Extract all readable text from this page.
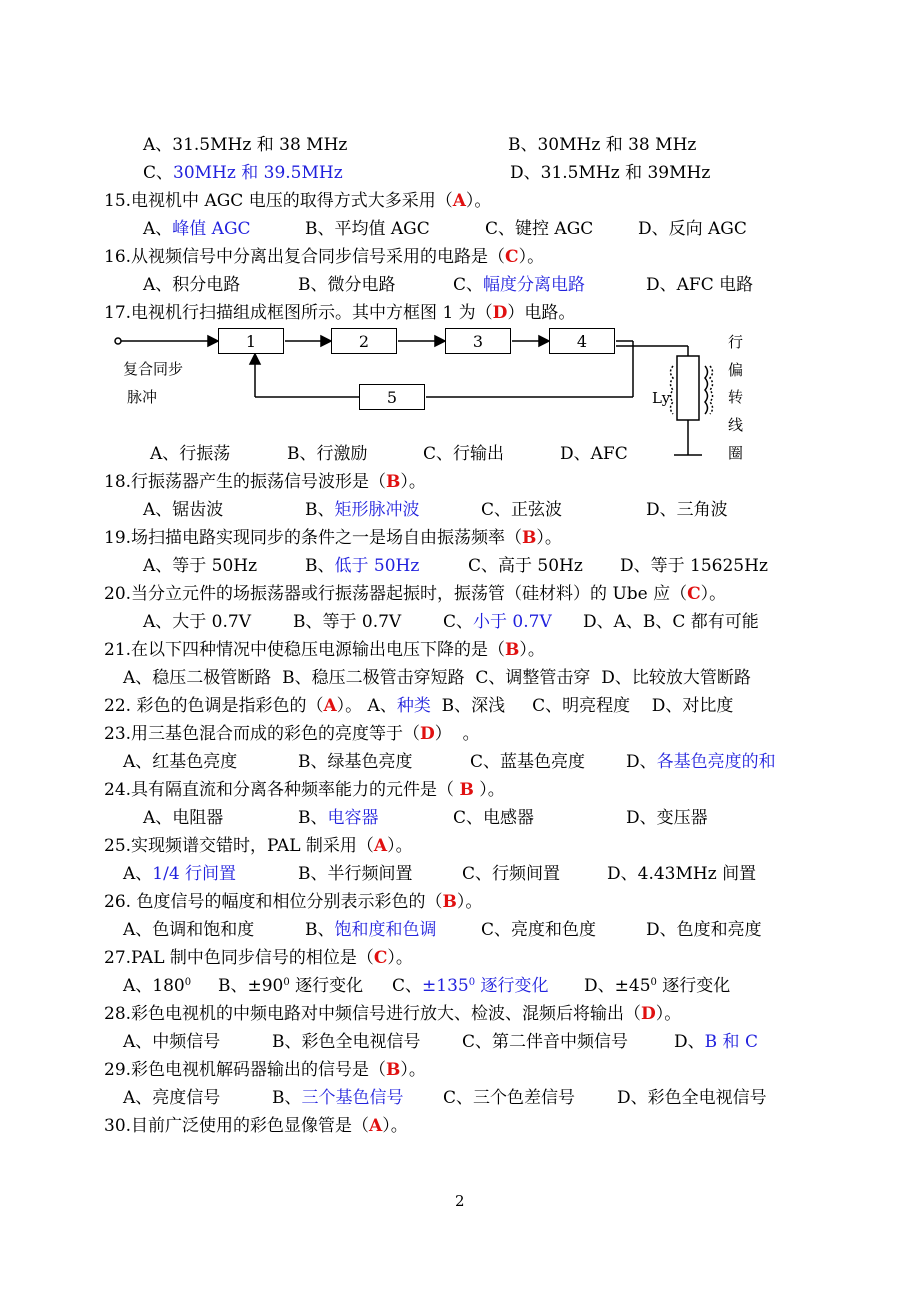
A、31.5MHz 和 38 MHz	B、30MHz 和 38 MHz
C、30MHz 和 39.5MHz	D、31.5MHz 和 39MHz
15.电视机中 AGC 电压的取得方式大多采用（A）。
A、峰值 AGC	B、平均值 AGC	C、键控 AGC	D、反向 AGC
16.从视频信号中分离出复合同步信号采用的电路是（C）。
A、积分电路	B、微分电路	C、幅度分离电路	D、AFC 电路
17.电视机行扫描组成框图所示。其中方框图 1 为（D）电路。
1	2	3	4
5
复合同步
脉冲	Ly
行
偏
转
线
圈
A、行振荡	B、行激励	C、行输出	D、AFC
18.行振荡器产生的振荡信号波形是（B）。
A、锯齿波	B、矩形脉冲波	C、正弦波	D、三角波
19.场扫描电路实现同步的条件之一是场自由振荡频率（B）。
A、等于 50Hz	B、低于 50Hz	C、高于 50Hz D、等于 15625Hz
20.当分立元件的场振荡器或行振荡器起振时，振荡管（硅材料）的 Ube 应（C）。
A、大于 0.7V B、等于 0.7V C、小于 0.7V D、A、B、C 都有可能
21.在以下四种情况中使稳压电源输出电压下降的是（B）。
A、稳压二极管断路  B、稳压二极管击穿短路  C、调整管击穿  D、比较放大管断路
22. 彩色的色调是指彩色的（A）。 A、种类  B、深浅     C、明亮程度    D、对比度
23.用三基色混合而成的彩色的亮度等于（D）  。
A、红基色亮度	B、绿基色亮度	C、蓝基色亮度 D、各基色亮度的和
24.具有隔直流和分离各种频率能力的元件是（ B ）。
A、电阻器	B、电容器	C、电感器	D、变压器
25.实现频谱交错时，PAL 制采用（A）。
A、1/4 行间置	B、半行频间置	C、行频间置	D、4.43MHz 间置
26. 色度信号的幅度和相位分别表示彩色的（B）。
A、色调和饱和度	B、饱和度和色调	C、亮度和色度	D、色度和亮度
27.PAL 制中色同步信号的相位是（C）。
A、$180^0$ B、$\pm 90^0$ 逐行变化 C、$\pm 135^0$ 逐行变化 D、$\pm 45^0$ 逐行变化
28.彩色电视机的中频电路对中频信号进行放大、检波、混频后将输出（D）。
A、中频信号	B、彩色全电视信号 C、第二伴音中频信号	D、B 和 C
29.彩色电视机解码器输出的信号是（B）。
A、亮度信号	B、三个基色信号 C、三个色差信号 D、彩色全电视信号
30.目前广泛使用的彩色显像管是（A）。
2
